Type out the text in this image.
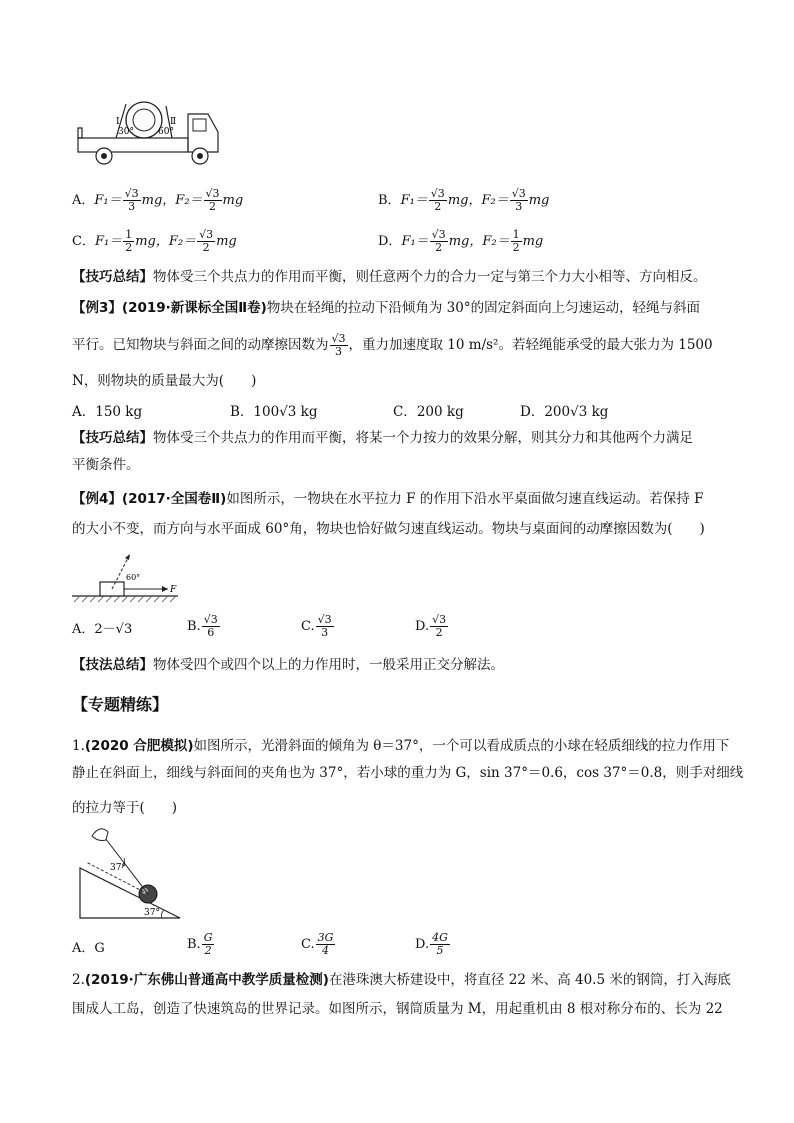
30°	60°
Ⅰ	Ⅱ
A．$F_1= \frac{√3}{3}$ mg，$F_2= \frac{√3}{2}$ mg	B．$F_1= \frac{√3}{2}$ mg，$F_2= \frac{√3}{3}$ mg
C．$F_1= \frac{1}{2}$ mg，$F_2= \frac{√3}{2}$ mg	D．$F_1= \frac{√3}{2}$ mg，$F_2= \frac{1}{2}$ mg
【技巧总结】物体受三个共点力的作用而平衡，则任意两个力的合力一定与第三个力大小相等、方向相反。
【例3】(2019·新课标全国Ⅱ卷)物块在轻绳的拉动下沿倾角为 30°的固定斜面向上匀速运动，轻绳与斜面
平行。已知物块与斜面之间的动摩擦因数为 $\frac{√3}{3}$ ，重力加速度取 10 m/s²。若轻绳能承受的最大张力为 1500
N，则物块的质量最大为(　　)
A．150 kg	B．100√3 kg	C．200 kg	D．200√3 kg
【技巧总结】物体受三个共点力的作用而平衡，将某一个力按力的效果分解，则其分力和其他两个力满足
平衡条件。
【例4】(2017·全国卷Ⅱ)如图所示，一物块在水平拉力 F 的作用下沿水平桌面做匀速直线运动。若保持 F
的大小不变，而方向与水平面成 60°角，物块也恰好做匀速直线运动。物块与桌面间的动摩擦因数为(　　)
60°
F
A．2－√3	B. $\frac{√3}{6}$	C. $\frac{√3}{3}$	D. $\frac{√3}{2}$
【技法总结】物体受四个或四个以上的力作用时，一般采用正交分解法。
【专题精练】
1.(2020 合肥模拟)如图所示，光滑斜面的倾角为 θ＝37°，一个可以看成质点的小球在轻质细线的拉力作用下
静止在斜面上，细线与斜面间的夹角也为 37°，若小球的重力为 G，sin 37°＝0.6，cos 37°＝0.8，则手对细线
的拉力等于(　　)
37°
37°
A．G	B. $\frac{G}{2}$	C. $\frac{3G}{4}$	D. $\frac{4G}{5}$
2.(2019·广东佛山普通高中教学质量检测)在港珠澳大桥建设中，将直径 22 米、高 40.5 米的钢筒，打入海底
围成人工岛，创造了快速筑岛的世界记录。如图所示，钢筒质量为 M，用起重机由 8 根对称分布的、长为 22
